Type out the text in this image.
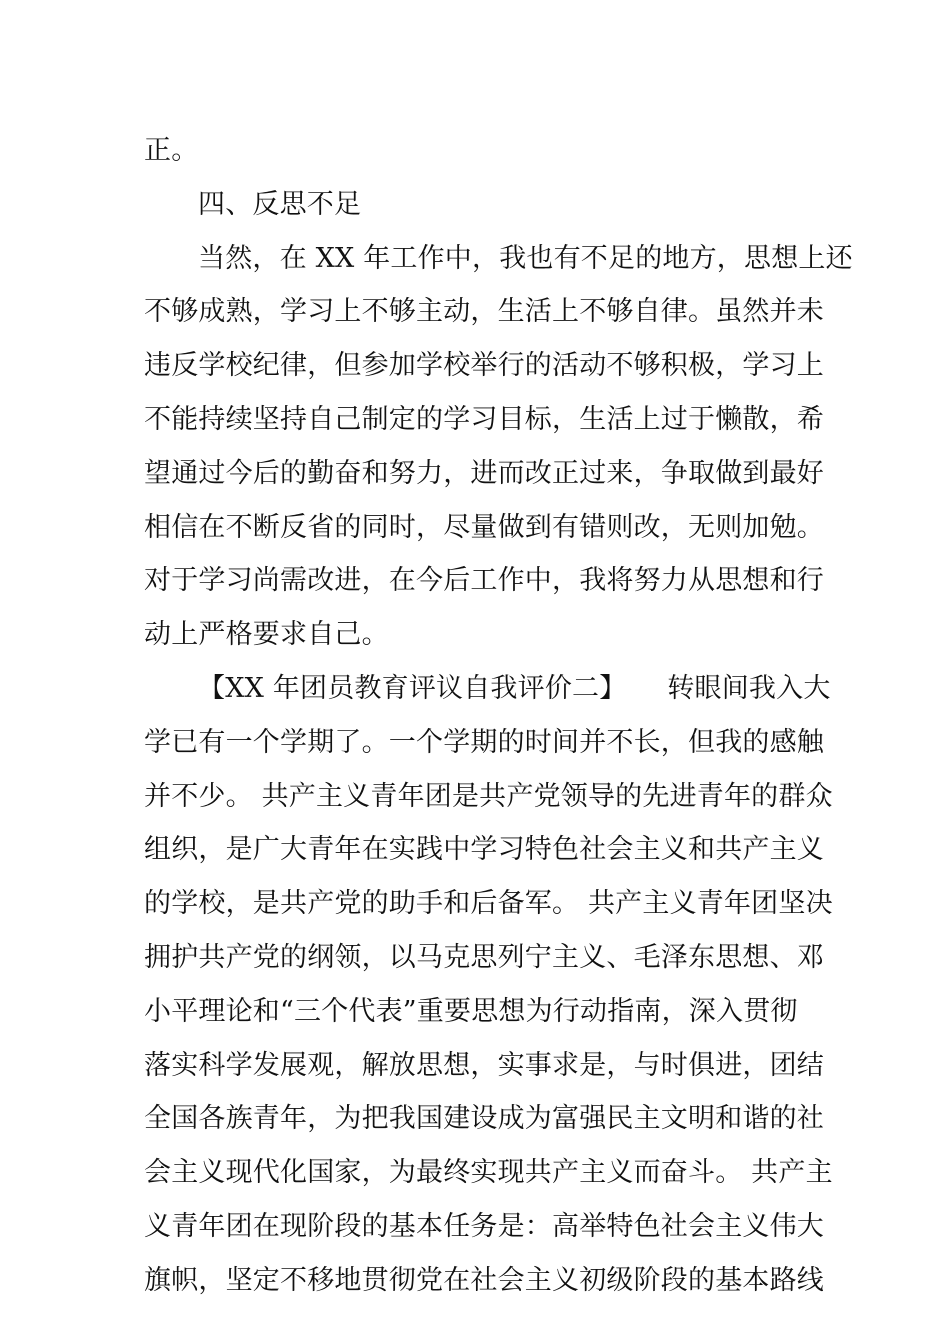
正。
四、反思不足
当然，在 XX 年工作中，我也有不足的地方，思想上还
不够成熟，学习上不够主动，生活上不够自律。虽然并未
违反学校纪律，但参加学校举行的活动不够积极，学习上
不能持续坚持自己制定的学习目标，生活上过于懒散，希
望通过今后的勤奋和努力，进而改正过来，争取做到最好
相信在不断反省的同时，尽量做到有错则改，无则加勉。
对于学习尚需改进，在今后工作中，我将努力从思想和行
动上严格要求自己。
【XX 年团员教育评议自我评价二】　　转眼间我入大
学已有一个学期了。一个学期的时间并不长，但我的感触
并不少。 共产主义青年团是共产党领导的先进青年的群众
组织，是广大青年在实践中学习特色社会主义和共产主义
的学校，是共产党的助手和后备军。 共产主义青年团坚决
拥护共产党的纲领，以马克思列宁主义、毛泽东思想、邓
小平理论和“三个代表”重要思想为行动指南，深入贯彻
落实科学发展观，解放思想，实事求是，与时俱进，团结
全国各族青年，为把我国建设成为富强民主文明和谐的社
会主义现代化国家，为最终实现共产主义而奋斗。 共产主
义青年团在现阶段的基本任务是：高举特色社会主义伟大
旗帜，坚定不移地贯彻党在社会主义初级阶段的基本路线
